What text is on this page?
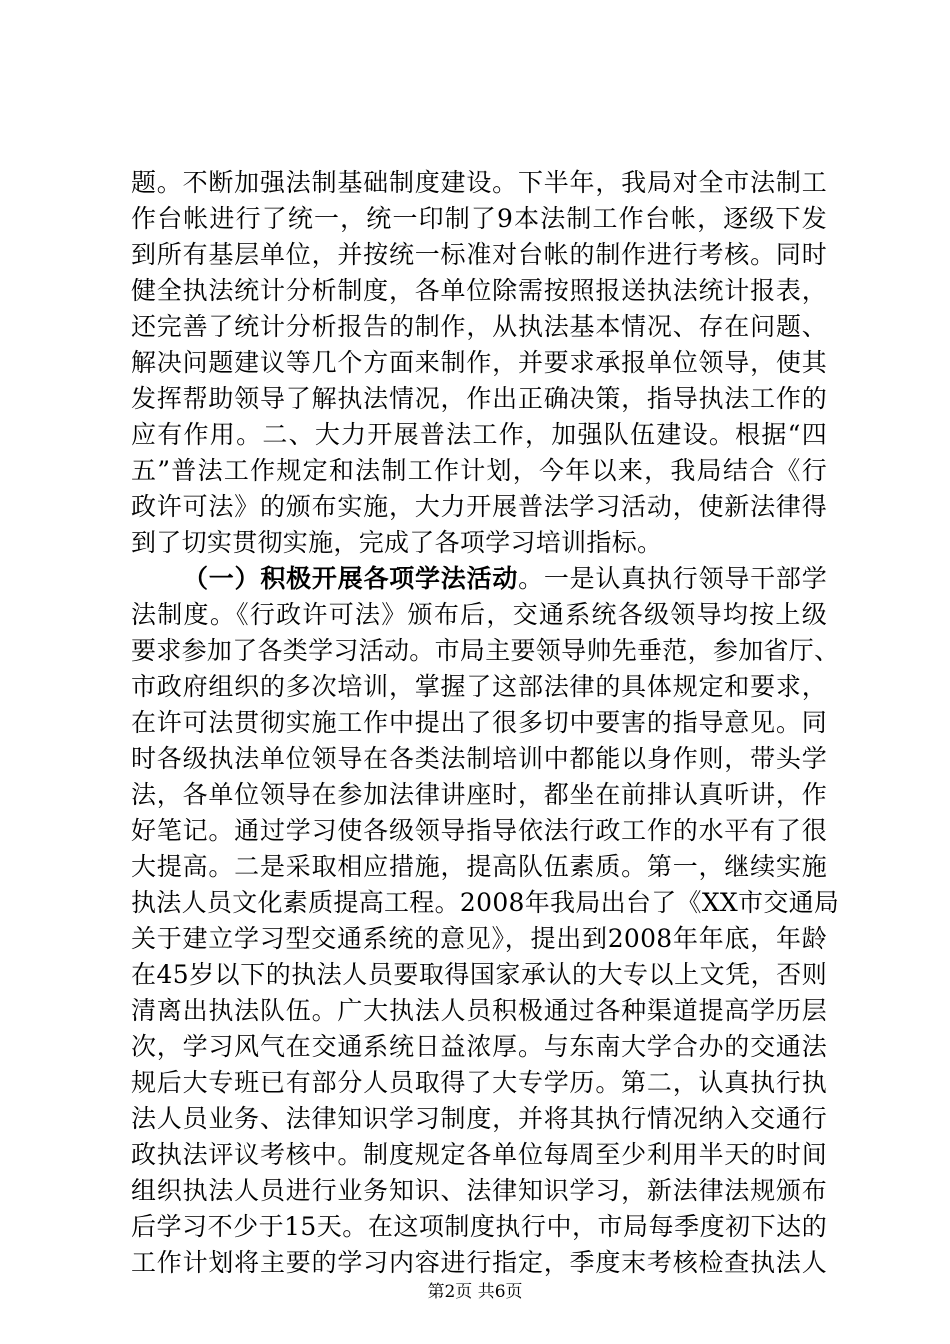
题。不断加强法制基础制度建设。下半年，我局对全市法制工
作台帐进行了统一，统一印制了9本法制工作台帐，逐级下发
到所有基层单位，并按统一标准对台帐的制作进行考核。同时
健全执法统计分析制度，各单位除需按照报送执法统计报表，
还完善了统计分析报告的制作，从执法基本情况、存在问题、
解决问题建议等几个方面来制作，并要求承报单位领导，使其
发挥帮助领导了解执法情况，作出正确决策，指导执法工作的
应有作用。二、大力开展普法工作，加强队伍建设。根据“四
五”普法工作规定和法制工作计划，今年以来，我局结合《行
政许可法》的颁布实施，大力开展普法学习活动，使新法律得
到了切实贯彻实施，完成了各项学习培训指标。
（一）积极开展各项学法活动。一是认真执行领导干部学
法制度。《行政许可法》颁布后，交通系统各级领导均按上级
要求参加了各类学习活动。市局主要领导帅先垂范，参加省厅、
市政府组织的多次培训，掌握了这部法律的具体规定和要求，
在许可法贯彻实施工作中提出了很多切中要害的指导意见。同
时各级执法单位领导在各类法制培训中都能以身作则，带头学
法，各单位领导在参加法律讲座时，都坐在前排认真听讲，作
好笔记。通过学习使各级领导指导依法行政工作的水平有了很
大提高。二是采取相应措施，提高队伍素质。第一，继续实施
执法人员文化素质提高工程。2008年我局出台了《XX市交通局
关于建立学习型交通系统的意见》，提出到2008年年底，年龄
在45岁以下的执法人员要取得国家承认的大专以上文凭，否则
清离出执法队伍。广大执法人员积极通过各种渠道提高学历层
次，学习风气在交通系统日益浓厚。与东南大学合办的交通法
规后大专班已有部分人员取得了大专学历。第二，认真执行执
法人员业务、法律知识学习制度，并将其执行情况纳入交通行
政执法评议考核中。制度规定各单位每周至少利用半天的时间
组织执法人员进行业务知识、法律知识学习，新法律法规颁布
后学习不少于15天。在这项制度执行中，市局每季度初下达的
工作计划将主要的学习内容进行指定，季度末考核检查执法人
第2页 共6页
